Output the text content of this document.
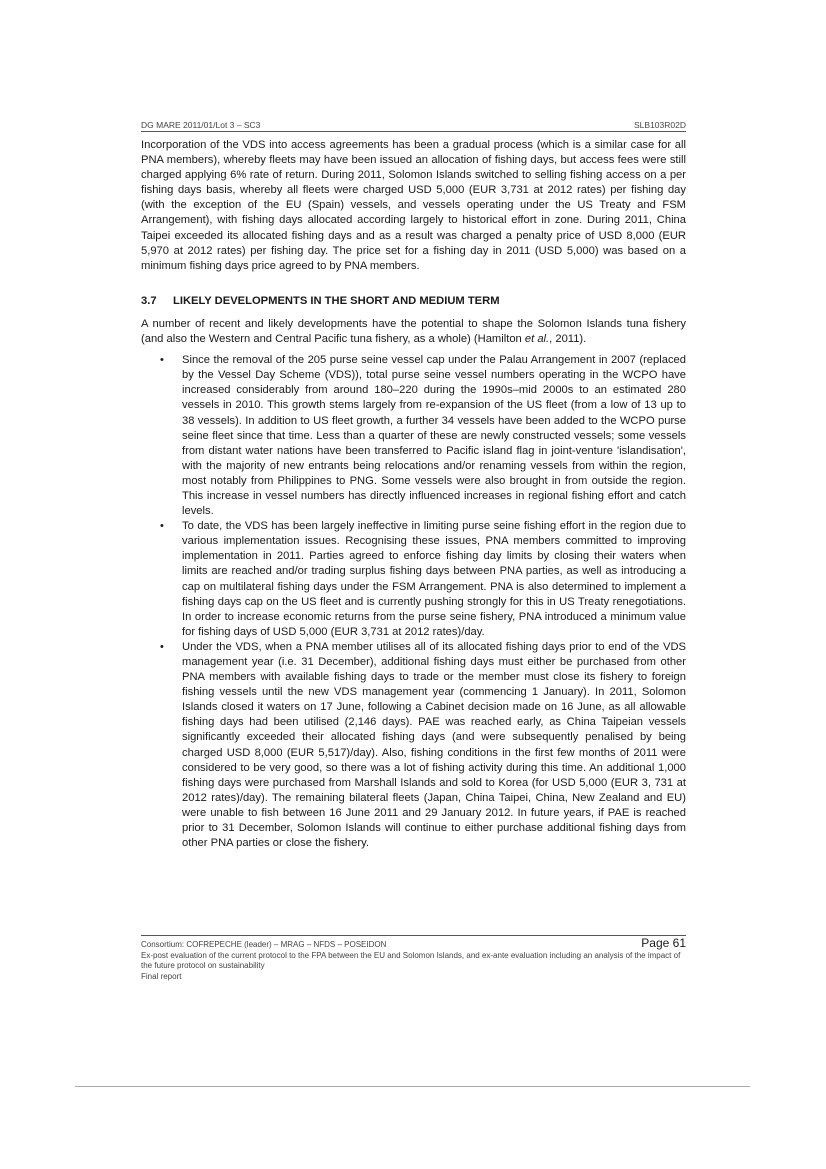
DG MARE 2011/01/Lot 3 – SC3	SLB103R02D

Incorporation of the VDS into access agreements has been a gradual process (which is a similar case for all PNA members), whereby fleets may have been issued an allocation of fishing days, but access fees were still charged applying 6% rate of return. During 2011, Solomon Islands switched to selling fishing access on a per fishing days basis, whereby all fleets were charged USD 5,000 (EUR 3,731 at 2012 rates) per fishing day (with the exception of the EU (Spain) vessels, and vessels operating under the US Treaty and FSM Arrangement), with fishing days allocated according largely to historical effort in zone. During 2011, China Taipei exceeded its allocated fishing days and as a result was charged a penalty price of USD 8,000 (EUR 5,970 at 2012 rates) per fishing day. The price set for a fishing day in 2011 (USD 5,000) was based on a minimum fishing days price agreed to by PNA members.

3.7	LIKELY DEVELOPMENTS IN THE SHORT AND MEDIUM TERM

A number of recent and likely developments have the potential to shape the Solomon Islands tuna fishery (and also the Western and Central Pacific tuna fishery, as a whole) (Hamilton et al., 2011).

• Since the removal of the 205 purse seine vessel cap under the Palau Arrangement in 2007 (replaced by the Vessel Day Scheme (VDS)), total purse seine vessel numbers operating in the WCPO have increased considerably from around 180–220 during the 1990s–mid 2000s to an estimated 280 vessels in 2010. This growth stems largely from re-expansion of the US fleet (from a low of 13 up to 38 vessels). In addition to US fleet growth, a further 34 vessels have been added to the WCPO purse seine fleet since that time. Less than a quarter of these are newly constructed vessels; some vessels from distant water nations have been transferred to Pacific island flag in joint-venture 'islandisation', with the majority of new entrants being relocations and/or renaming vessels from within the region, most notably from Philippines to PNG. Some vessels were also brought in from outside the region. This increase in vessel numbers has directly influenced increases in regional fishing effort and catch levels.
• To date, the VDS has been largely ineffective in limiting purse seine fishing effort in the region due to various implementation issues. Recognising these issues, PNA members committed to improving implementation in 2011. Parties agreed to enforce fishing day limits by closing their waters when limits are reached and/or trading surplus fishing days between PNA parties, as well as introducing a cap on multilateral fishing days under the FSM Arrangement. PNA is also determined to implement a fishing days cap on the US fleet and is currently pushing strongly for this in US Treaty renegotiations. In order to increase economic returns from the purse seine fishery, PNA introduced a minimum value for fishing days of USD 5,000 (EUR 3,731 at 2012 rates)/day.
• Under the VDS, when a PNA member utilises all of its allocated fishing days prior to end of the VDS management year (i.e. 31 December), additional fishing days must either be purchased from other PNA members with available fishing days to trade or the member must close its fishery to foreign fishing vessels until the new VDS management year (commencing 1 January). In 2011, Solomon Islands closed it waters on 17 June, following a Cabinet decision made on 16 June, as all allowable fishing days had been utilised (2,146 days). PAE was reached early, as China Taipeian vessels significantly exceeded their allocated fishing days (and were subsequently penalised by being charged USD 8,000 (EUR 5,517)/day). Also, fishing conditions in the first few months of 2011 were considered to be very good, so there was a lot of fishing activity during this time. An additional 1,000 fishing days were purchased from Marshall Islands and sold to Korea (for USD 5,000 (EUR 3, 731 at 2012 rates)/day). The remaining bilateral fleets (Japan, China Taipei, China, New Zealand and EU) were unable to fish between 16 June 2011 and 29 January 2012. In future years, if PAE is reached prior to 31 December, Solomon Islands will continue to either purchase additional fishing days from other PNA parties or close the fishery.
Consortium: COFREPECHE (leader) – MRAG – NFDS – POSEIDON	Page 61
Ex-post evaluation of the current protocol to the FPA between the EU and Solomon Islands, and ex-ante evaluation including an analysis of the impact of the future protocol on sustainability
Final report
